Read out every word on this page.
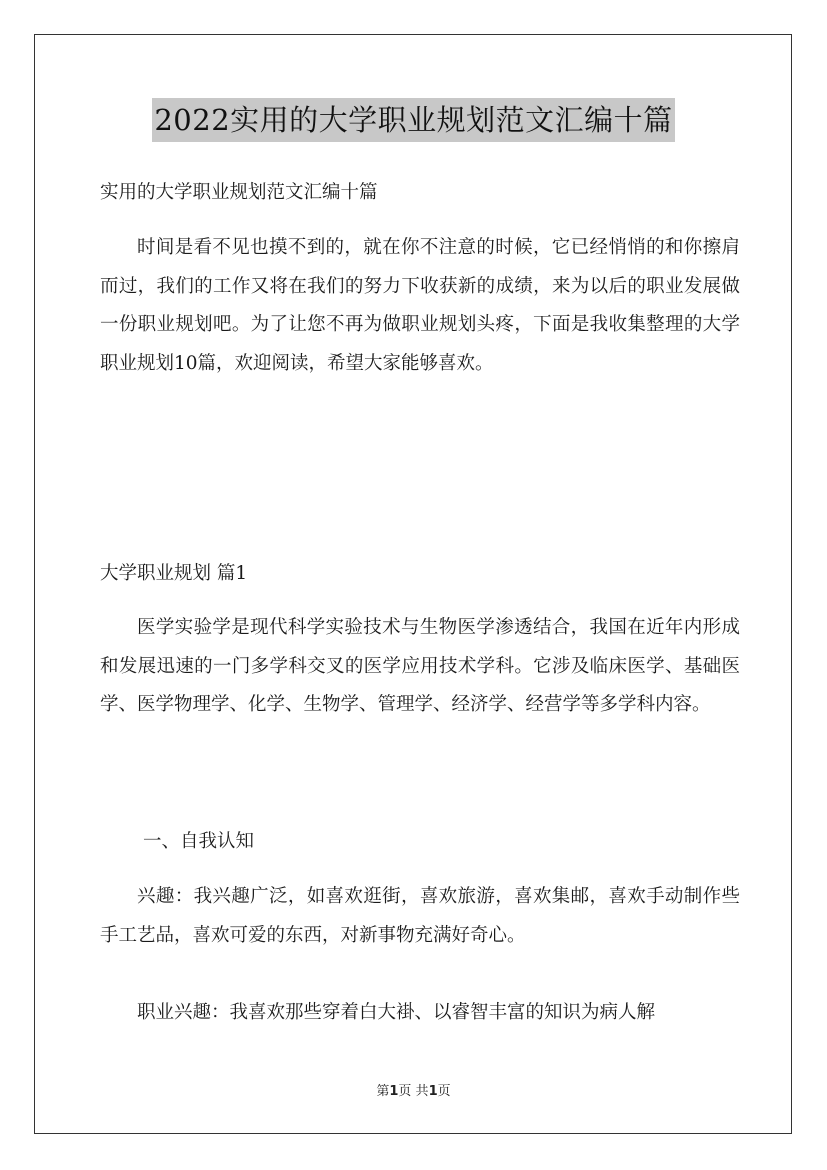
2022实用的大学职业规划范文汇编十篇
实用的大学职业规划范文汇编十篇

时间是看不见也摸不到的，就在你不注意的时候，它已经悄悄的和你擦肩而过，我们的工作又将在我们的努力下收获新的成绩，来为以后的职业发展做一份职业规划吧。为了让您不再为做职业规划头疼，下面是我收集整理的大学职业规划10篇，欢迎阅读，希望大家能够喜欢。

大学职业规划 篇1

医学实验学是现代科学实验技术与生物医学渗透结合，我国在近年内形成和发展迅速的一门多学科交叉的医学应用技术学科。它涉及临床医学、基础医学、医学物理学、化学、生物学、管理学、经济学、经营学等多学科内容。

一、自我认知

兴趣：我兴趣广泛，如喜欢逛街，喜欢旅游，喜欢集邮，喜欢手动制作些手工艺品，喜欢可爱的东西，对新事物充满好奇心。

职业兴趣：我喜欢那些穿着白大褂、以睿智丰富的知识为病人解

第1页 共1页
